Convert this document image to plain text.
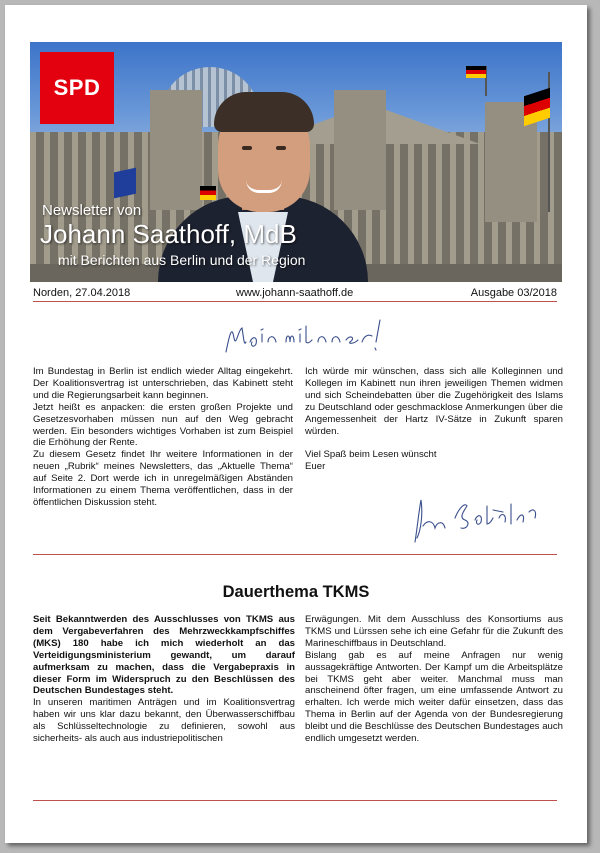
SPD
Newsletter von
Johann Saathoff, MdB
mit Berichten aus Berlin und der Region
Norden, 27.04.2018	www.johann-saathoff.de	Ausgabe 03/2018

Im Bundestag in Berlin ist endlich wieder Alltag eingekehrt. Der Koalitionsvertrag ist unterschrieben, das Kabinett steht und die Regierungsarbeit kann beginnen.

Jetzt heißt es anpacken: die ersten großen Projekte und Gesetzesvorhaben müssen nun auf den Weg gebracht werden. Ein besonders wichtiges Vorhaben ist zum Beispiel die Erhöhung der Rente.

Zu diesem Gesetz findet Ihr weitere Informationen in der neuen „Rubrik“ meines Newsletters, das „Aktuelle Thema“ auf Seite 2. Dort werde ich in unregelmäßigen Abständen Informationen zu einem Thema veröffentlichen, dass in der öffentlichen Diskussion steht.

Ich würde mir wünschen, dass sich alle Kolleginnen und Kollegen im Kabinett nun ihren jeweiligen Themen widmen und sich Scheindebatten über die Zugehörigkeit des Islams zu Deutschland oder geschmacklose Anmerkungen über die Angemessenheit der Hartz IV-Sätze in Zukunft sparen würden.

Viel Spaß beim Lesen wünscht

Euer

Dauerthema TKMS

Seit Bekanntwerden des Ausschlusses von TKMS aus dem Vergabeverfahren des Mehrzweckkampfschiffes (MKS) 180 habe ich mich wiederholt an das Verteidigungsministerium gewandt, um darauf aufmerksam zu machen, dass die Vergabepraxis in dieser Form im Widerspruch zu den Beschlüssen des Deutschen Bundestages steht.

In unseren maritimen Anträgen und im Koalitionsvertrag haben wir uns klar dazu bekannt, den Überwasserschiffbau als Schlüsseltechnologie zu definieren, sowohl aus sicherheits- als auch aus industriepolitischen

Erwägungen. Mit dem Ausschluss des Konsortiums aus TKMS und Lürssen sehe ich eine Gefahr für die Zukunft des Marineschiffbaus in Deutschland.

Bislang gab es auf meine Anfragen nur wenig aussagekräftige Antworten. Der Kampf um die Arbeitsplätze bei TKMS geht aber weiter. Manchmal muss man anscheinend öfter fragen, um eine umfassende Antwort zu erhalten. Ich werde mich weiter dafür einsetzen, dass das Thema in Berlin auf der Agenda von der Bundesregierung bleibt und die Beschlüsse des Deutschen Bundestages auch endlich umgesetzt werden.
